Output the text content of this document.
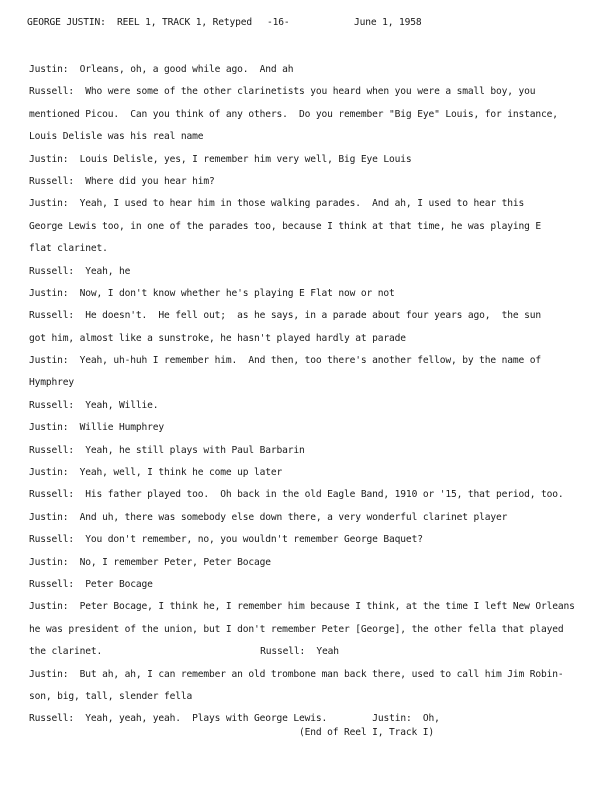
GEORGE JUSTIN:  REEL 1, TRACK 1, Retyped

-16-

	June 1, 1958

Justin:  Orleans, oh, a good while ago.  And ah
Russell:  Who were some of the other clarinetists you heard when you were a small boy, you
mentioned Picou.  Can you think of any others.  Do you remember "Big Eye" Louis, for instance,
Louis Delisle was his real name
Justin:  Louis Delisle, yes, I remember him very well, Big Eye Louis
Russell:  Where did you hear him?
Justin:  Yeah, I used to hear him in those walking parades.  And ah, I used to hear this
George Lewis too, in one of the parades too, because I think at that time, he was playing E
flat clarinet.
Russell:  Yeah, he
Justin:  Now, I don't know whether he's playing E Flat now or not
Russell:  He doesn't.  He fell out;  as he says, in a parade about four years ago,  the sun
got him, almost like a sunstroke, he hasn't played hardly at parade
Justin:  Yeah, uh-huh I remember him.  And then, too there's another fellow, by the name of
Hymphrey
Russell:  Yeah, Willie.
Justin:  Willie Humphrey
Russell:  Yeah, he still plays with Paul Barbarin
Justin:  Yeah, well, I think he come up later
Russell:  His father played too.  Oh back in the old Eagle Band, 1910 or '15, that period, too.
Justin:  And uh, there was somebody else down there, a very wonderful clarinet player
Russell:  You don't remember, no, you wouldn't remember George Baquet?
Justin:  No, I remember Peter, Peter Bocage
Russell:  Peter Bocage
Justin:  Peter Bocage, I think he, I remember him because I think, at the time I left New Orleans
he was president of the union, but I don't remember Peter [George], the other fella that played
the clarinet.	Russell:  Yeah
Justin:  But ah, ah, I can remember an old trombone man back there, used to call him Jim Robin-
son, big, tall, slender fella
Russell:  Yeah, yeah, yeah.  Plays with George Lewis.	Justin:  Oh,
(End of Reel I, Track I)
